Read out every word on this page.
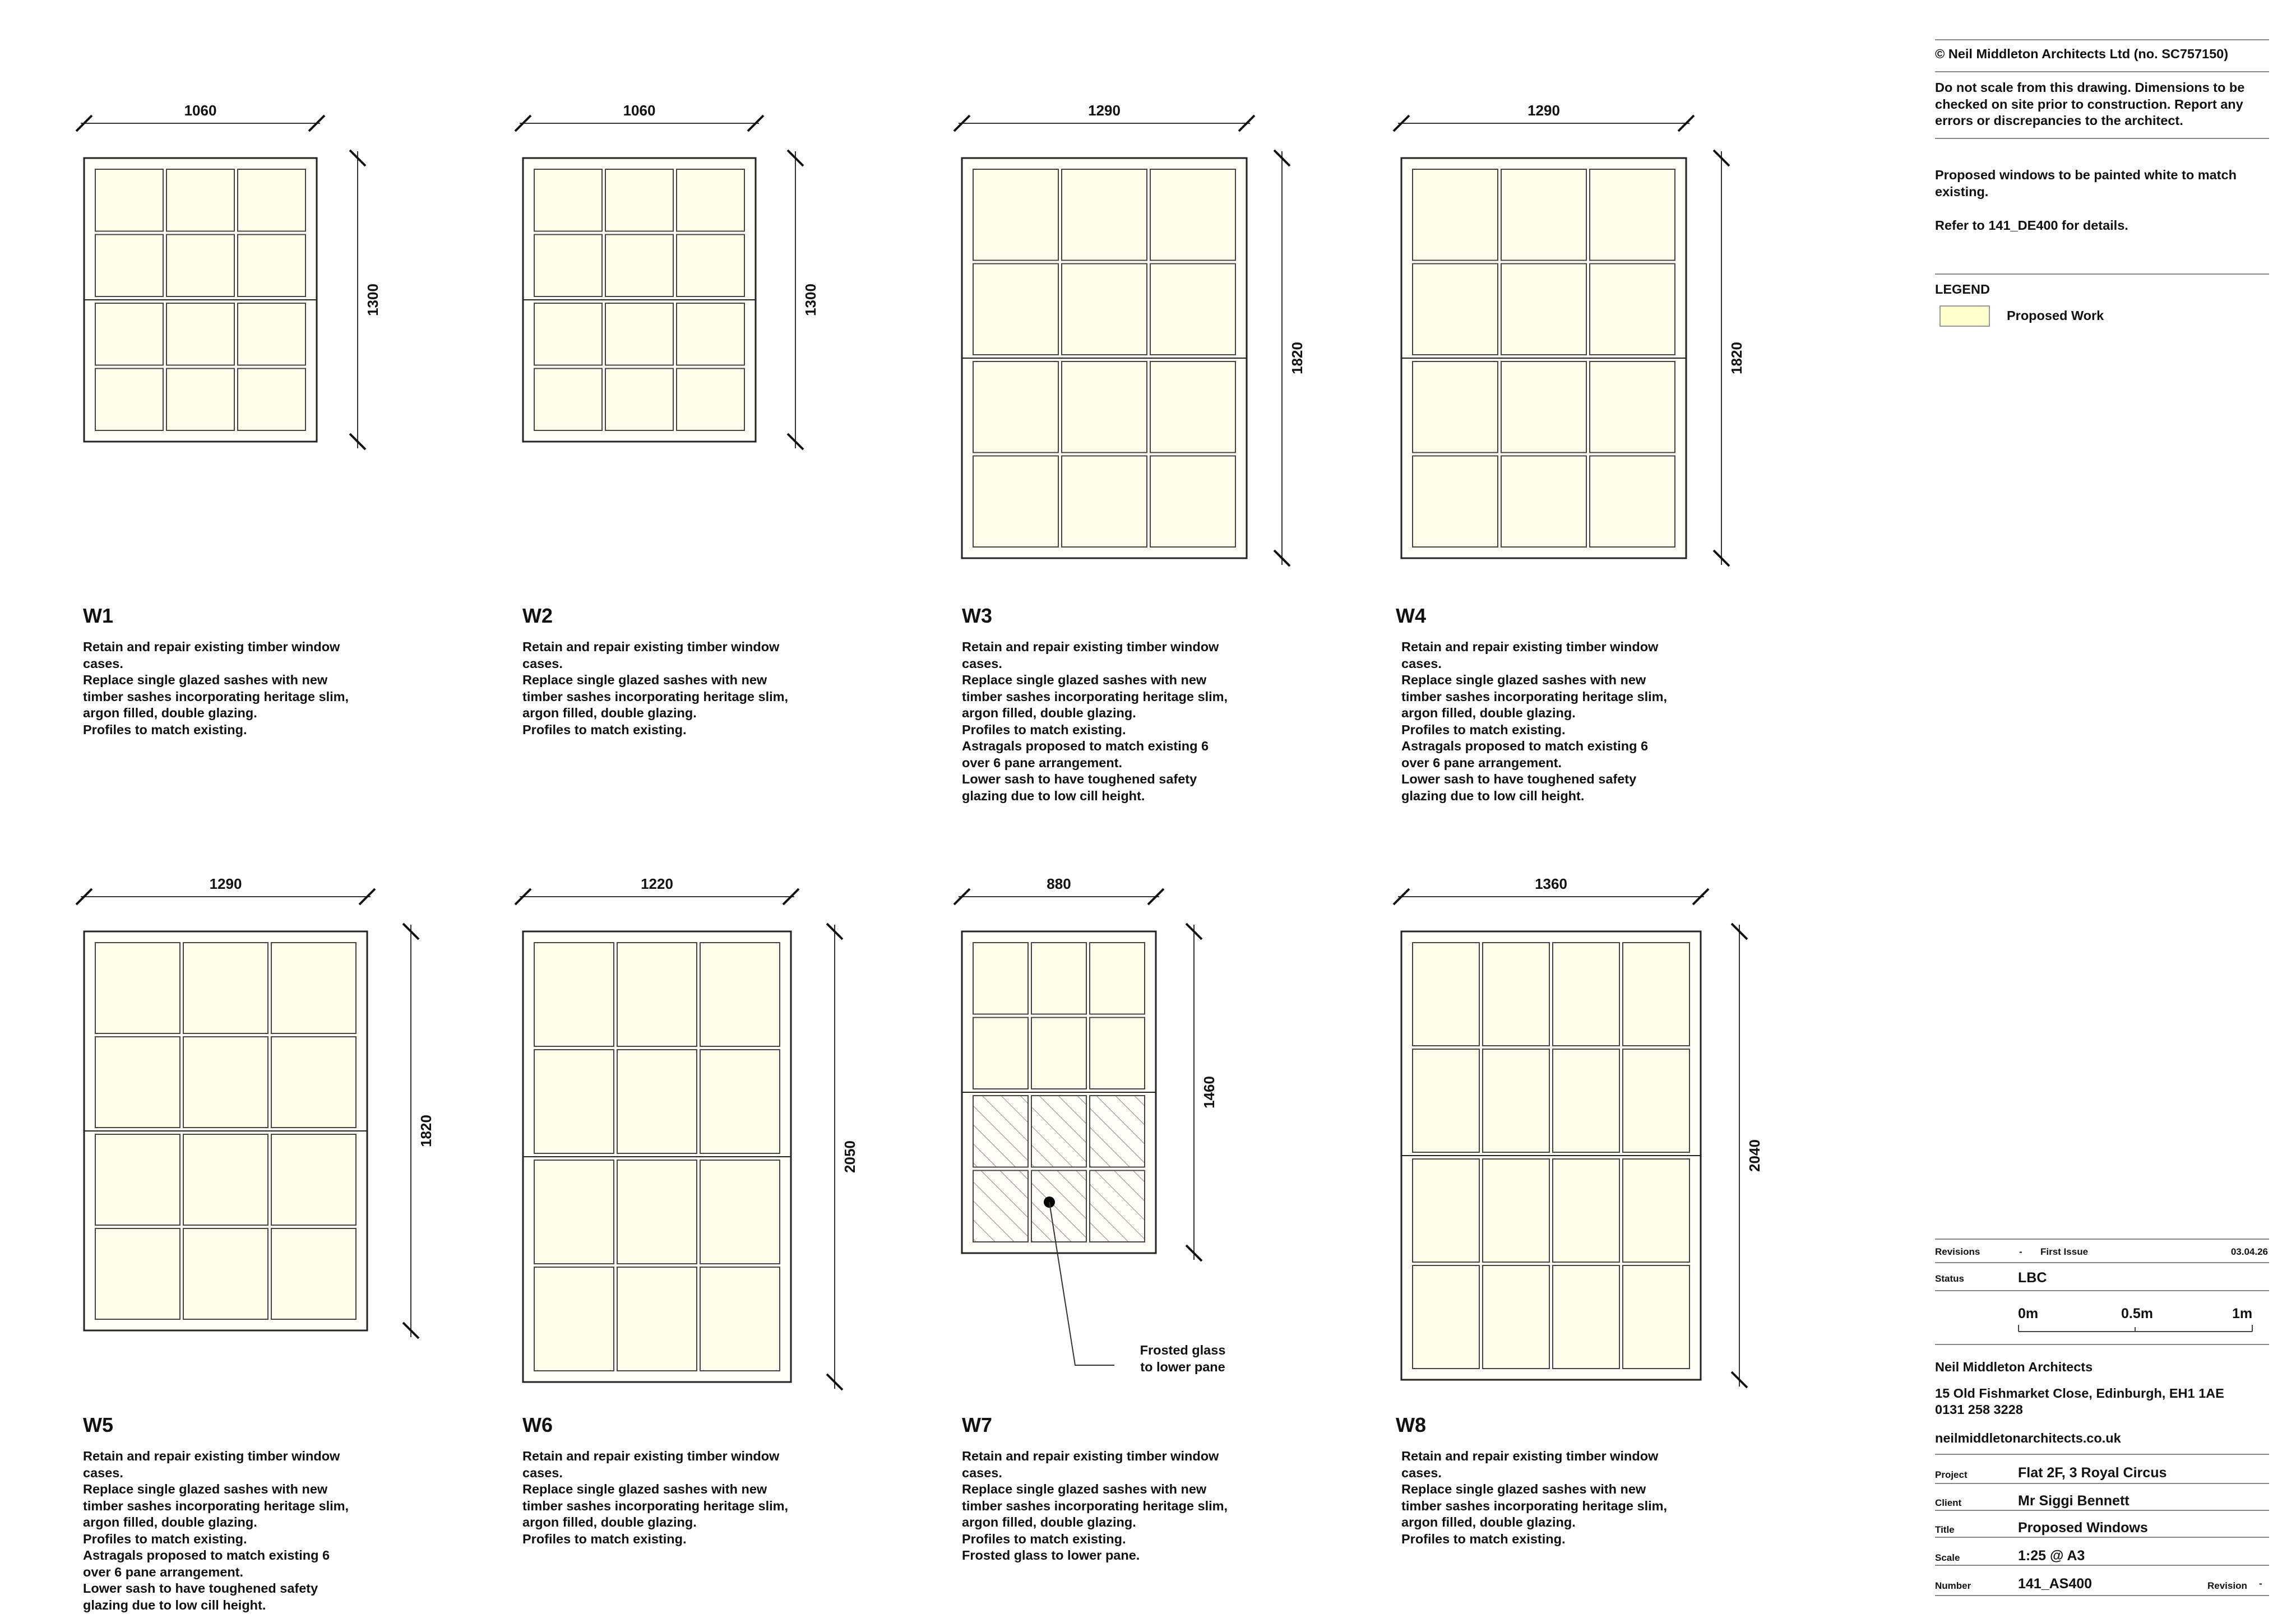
1060
1300
1060
1300
1290
1820
1290
1820
1290
1820
1220
2050
880
1460
1360
2040
W1
Retain and repair existing timber window
cases.
Replace single glazed sashes with new
timber sashes incorporating heritage slim,
argon filled, double glazing.
Profiles to match existing.
W2
Retain and repair existing timber window
cases.
Replace single glazed sashes with new
timber sashes incorporating heritage slim,
argon filled, double glazing.
Profiles to match existing.
W3
Retain and repair existing timber window
cases.
Replace single glazed sashes with new
timber sashes incorporating heritage slim,
argon filled, double glazing.
Profiles to match existing.
Astragals proposed to match existing 6
over 6 pane arrangement.
Lower sash to have toughened safety
glazing due to low cill height.
W4
Retain and repair existing timber window
cases.
Replace single glazed sashes with new
timber sashes incorporating heritage slim,
argon filled, double glazing.
Profiles to match existing.
Astragals proposed to match existing 6
over 6 pane arrangement.
Lower sash to have toughened safety
glazing due to low cill height.
W5
Retain and repair existing timber window
cases.
Replace single glazed sashes with new
timber sashes incorporating heritage slim,
argon filled, double glazing.
Profiles to match existing.
Astragals proposed to match existing 6
over 6 pane arrangement.
Lower sash to have toughened safety
glazing due to low cill height.
W6
Retain and repair existing timber window
cases.
Replace single glazed sashes with new
timber sashes incorporating heritage slim,
argon filled, double glazing.
Profiles to match existing.
W7
Retain and repair existing timber window
cases.
Replace single glazed sashes with new
timber sashes incorporating heritage slim,
argon filled, double glazing.
Profiles to match existing.
Frosted glass to lower pane.
W8
Retain and repair existing timber window
cases.
Replace single glazed sashes with new
timber sashes incorporating heritage slim,
argon filled, double glazing.
Profiles to match existing.
Frosted glass
to lower pane
© Neil Middleton Architects Ltd (no. SC757150)
Do not scale from this drawing. Dimensions to be
checked on site prior to construction. Report any
errors or discrepancies to the architect.
Proposed windows to be painted white to match
existing.
Refer to 141_DE400 for details.
LEGEND
Proposed Work
Revisions	- First Issue	03.04.26
Status	LBC
0m	0.5m	1m
Neil Middleton Architects
15 Old Fishmarket Close, Edinburgh, EH1 1AE
0131 258 3228
neilmiddletonarchitects.co.uk
Project	Flat 2F, 3 Royal Circus
Client	Mr Siggi Bennett
Title	Proposed Windows
Scale	1:25 @ A3
Number	141_AS400	Revision -
